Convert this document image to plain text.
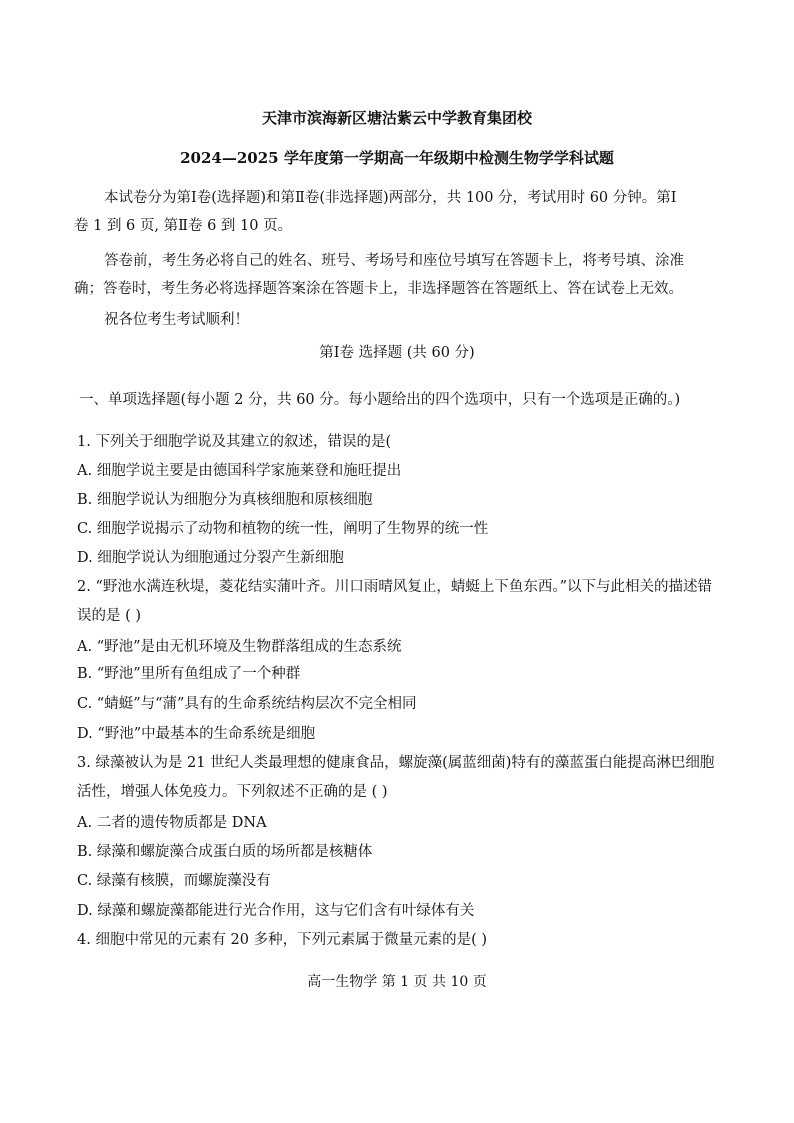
天津市滨海新区塘沽紫云中学教育集团校
2024—2025 学年度第一学期高一年级期中检测生物学学科试题
本试卷分为第Ⅰ卷(选择题)和第Ⅱ卷(非选择题)两部分，共 100 分，考试用时 60 分钟。第Ⅰ
卷 1 到 6 页, 第Ⅱ卷 6 到 10 页。
答卷前，考生务必将自己的姓名、班号、考场号和座位号填写在答题卡上，将考号填、涂准
确；答卷时，考生务必将选择题答案涂在答题卡上，非选择题答在答题纸上、答在试卷上无效。
祝各位考生考试顺利！
第Ⅰ卷 选择题 (共 60 分)
一、单项选择题(每小题 2 分，共 60 分。每小题给出的四个选项中，只有一个选项是正确的。)
1. 下列关于细胞学说及其建立的叙述，错误的是(
A. 细胞学说主要是由德国科学家施莱登和施旺提出
B. 细胞学说认为细胞分为真核细胞和原核细胞
C. 细胞学说揭示了动物和植物的统一性，阐明了生物界的统一性
D. 细胞学说认为细胞通过分裂产生新细胞
2. “野池水满连秋堤，菱花结实蒲叶齐。川口雨晴风复止，蜻蜓上下鱼东西。”以下与此相关的描述错
误的是 ( )
A. “野池”是由无机环境及生物群落组成的生态系统
B. “野池”里所有鱼组成了一个种群
C. “蜻蜓”与“蒲”具有的生命系统结构层次不完全相同
D. “野池”中最基本的生命系统是细胞
3. 绿藻被认为是 21 世纪人类最理想的健康食品，螺旋藻(属蓝细菌)特有的藻蓝蛋白能提高淋巴细胞
活性，增强人体免疫力。下列叙述不正确的是 ( )
A. 二者的遗传物质都是 DNA
B. 绿藻和螺旋藻合成蛋白质的场所都是核糖体
C. 绿藻有核膜，而螺旋藻没有
D. 绿藻和螺旋藻都能进行光合作用，这与它们含有叶绿体有关
4. 细胞中常见的元素有 20 多种，下列元素属于微量元素的是( )
高一生物学 第 1 页 共 10 页
